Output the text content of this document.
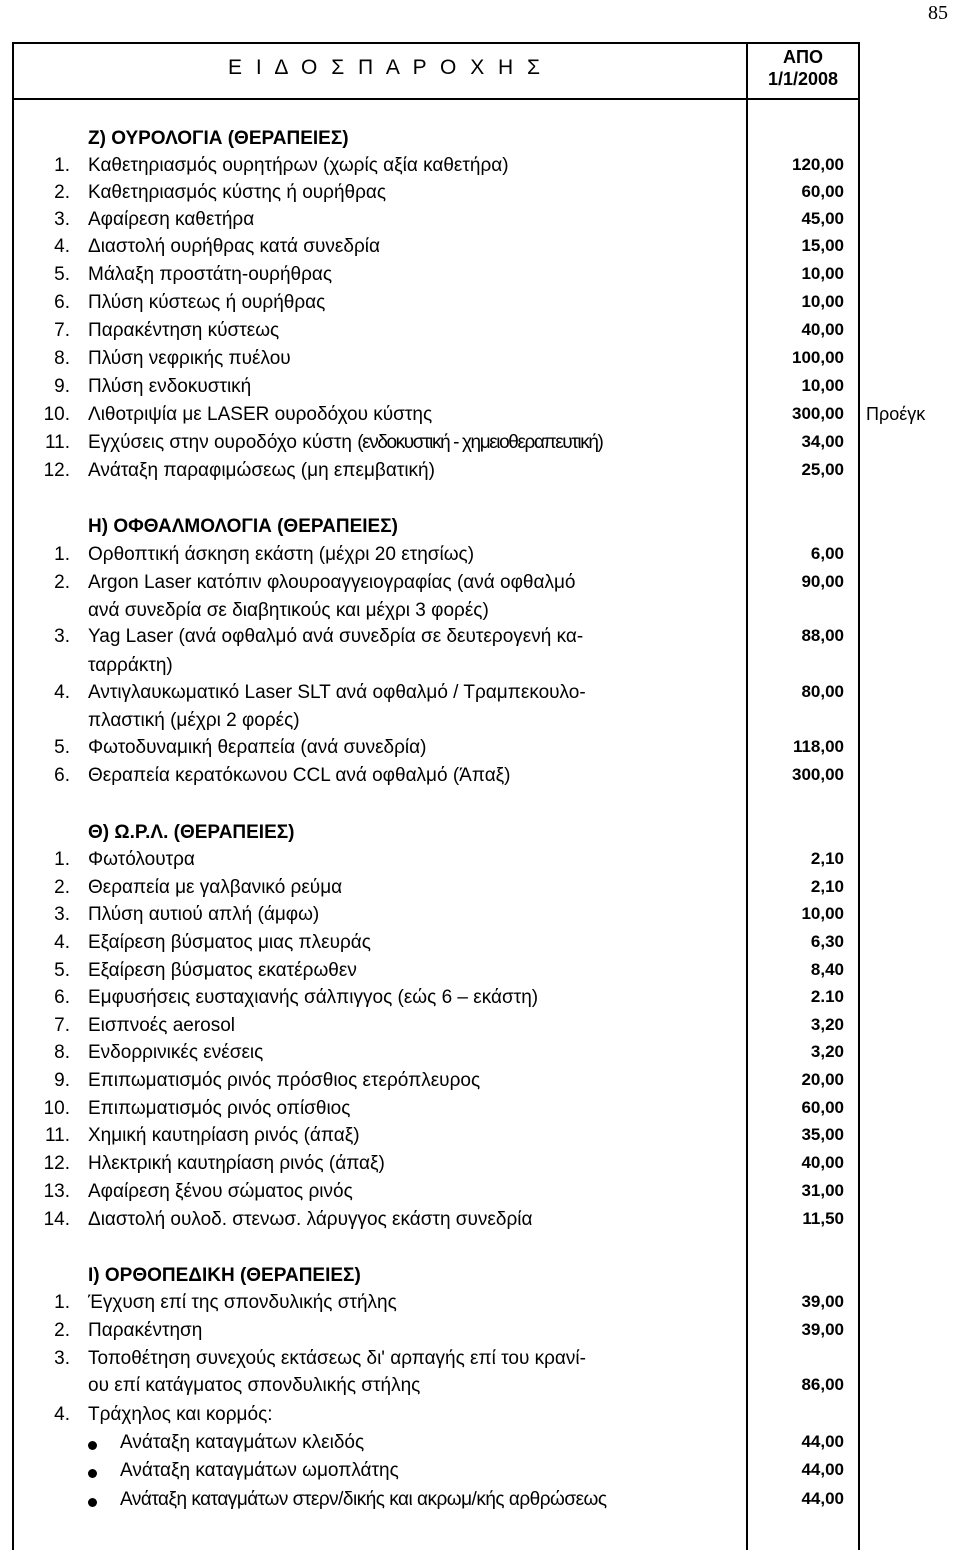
85
Ε Ι Δ Ο Σ Π Α Ρ Ο Χ Η Σ	ΑΠΟ
1/1/2008
Ζ) ΟΥΡΟΛΟΓΙΑ (ΘΕΡΑΠΕΙΕΣ)
1. Καθετηριασμός ουρητήρων (χωρίς αξία καθετήρα)	120,00
2. Καθετηριασμός κύστης ή ουρήθρας	60,00
3. Αφαίρεση καθετήρα	45,00
4. Διαστολή ουρήθρας κατά συνεδρία	15,00
5. Μάλαξη προστάτη-ουρήθρας	10,00
6. Πλύση κύστεως ή ουρήθρας	10,00
7. Παρακέντηση κύστεως	40,00
8. Πλύση νεφρικής πυέλου	100,00
9. Πλύση ενδοκυστική	10,00
10. Λιθοτριψία με LASER ουροδόχου κύστης	300,00 Προέγκ
11. Εγχύσεις στην ουροδόχο κύστη (ενδοκυστική - χημειοθεραπευτική)	34,00
12. Ανάταξη παραφιμώσεως (μη επεμβατική)	25,00
Η) ΟΦΘΑΛΜΟΛΟΓΙΑ (ΘΕΡΑΠΕΙΕΣ)
1. Ορθοπτική άσκηση εκάστη (μέχρι 20 ετησίως)	6,00
2. Argon Laser κατόπιν φλουροαγγειογραφίας (ανά οφθαλμό	90,00
ανά συνεδρία σε διαβητικούς και μέχρι 3 φορές)
3. Yag Laser (ανά οφθαλμό ανά συνεδρία σε δευτερογενή κα-	88,00
ταρράκτη)
4. Αντιγλαυκωματικό Laser SLT ανά οφθαλμό / Τραμπεκουλο-	80,00
πλαστική (μέχρι 2 φορές)
5. Φωτοδυναμική θεραπεία (ανά συνεδρία)	118,00
6. Θεραπεία κερατόκωνου CCL ανά οφθαλμό (Άπαξ)	300,00
Θ) Ω.Ρ.Λ. (ΘΕΡΑΠΕΙΕΣ)
1. Φωτόλουτρα	2,10
2. Θεραπεία με γαλβανικό ρεύμα	2,10
3. Πλύση αυτιού απλή (άμφω)	10,00
4. Εξαίρεση βύσματος μιας πλευράς	6,30
5. Εξαίρεση βύσματος εκατέρωθεν	8,40
6. Εμφυσήσεις ευσταχιανής σάλπιγγος (εώς 6 – εκάστη)	2.10
7. Εισπνοές aerosol	3,20
8. Ενδορρινικές ενέσεις	3,20
9. Επιπωματισμός ρινός πρόσθιος ετερόπλευρος	20,00
10. Επιπωματισμός ρινός οπίσθιος	60,00
11. Χημική καυτηρίαση ρινός (άπαξ)	35,00
12. Ηλεκτρική καυτηρίαση ρινός (άπαξ)	40,00
13. Αφαίρεση ξένου σώματος ρινός	31,00
14. Διαστολή ουλοδ. στενωσ. λάρυγγος εκάστη συνεδρία	11,50
Ι) ΟΡΘΟΠΕΔΙΚΗ (ΘΕΡΑΠΕΙΕΣ)
1. Έγχυση επί της σπονδυλικής στήλης	39,00
2. Παρακέντηση	39,00
3. Τοποθέτηση συνεχούς εκτάσεως δι' αρπαγής επί του κρανί-
ου επί κατάγματος σπονδυλικής στήλης	86,00
4. Τράχηλος και κορμός:
Ανάταξη καταγμάτων κλειδός	44,00
Ανάταξη καταγμάτων ωμοπλάτης	44,00
Ανάταξη καταγμάτων στερν/δικής και ακρωμ/κής αρθρώσεως	44,00
